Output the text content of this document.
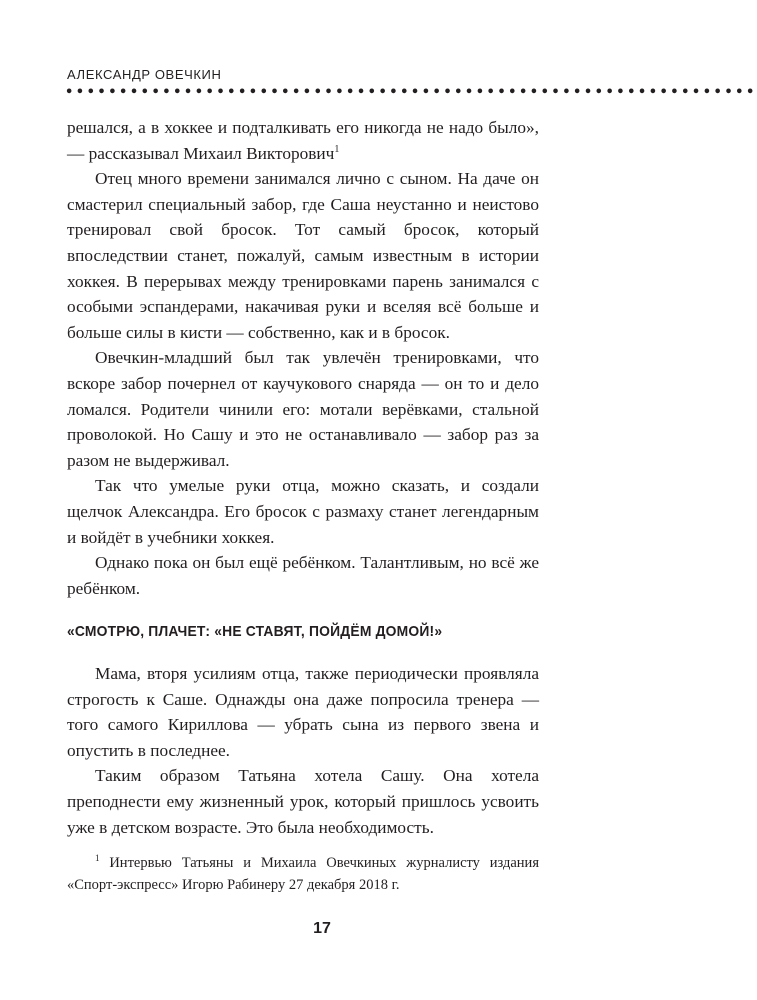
АЛЕКСАНДР ОВЕЧКИН
••••••••••••••••••••••••••••••••••••••••••••••••••••••••••••••••

решался, а в хоккее и подталкивать его никогда не надо было», — рассказывал Михаил Викторович$^1$

Отец много времени занимался лично с сыном. На даче он смастерил специальный забор, где Саша неустанно и неистово тренировал свой бросок. Тот самый бросок, который впоследствии станет, пожалуй, самым известным в истории хоккея. В перерывах между тренировками парень занимался с особыми эспандерами, накачивая руки и вселяя всё больше и больше силы в кисти — собственно, как и в бросок.

Овечкин-младший был так увлечён тренировками, что вскоре забор почернел от каучукового снаряда — он то и дело ломался. Родители чинили его: мотали верёвками, стальной проволокой. Но Сашу и это не останавливало — забор раз за разом не выдерживал.

Так что умелые руки отца, можно сказать, и создали щелчок Александра. Его бросок с размаху станет легендарным и войдёт в учебники хоккея.

Однако пока он был ещё ребёнком. Талантливым, но всё же ребёнком.

«СМОТРЮ, ПЛАЧЕТ: «НЕ СТАВЯТ, ПОЙДЁМ ДОМОЙ!»

Мама, вторя усилиям отца, также периодически проявляла строгость к Саше. Однажды она даже попросила тренера — того самого Кириллова — убрать сына из первого звена и опустить в последнее.

Таким образом Татьяна хотела Сашу. Она хотела преподнести ему жизненный урок, который пришлось усвоить уже в детском возрасте. Это была необходимость.

$^1$ Интервью Татьяны и Михаила Овечкиных журналисту издания «Спорт-экспресс» Игорю Рабинеру 27 декабря 2018 г.
17
